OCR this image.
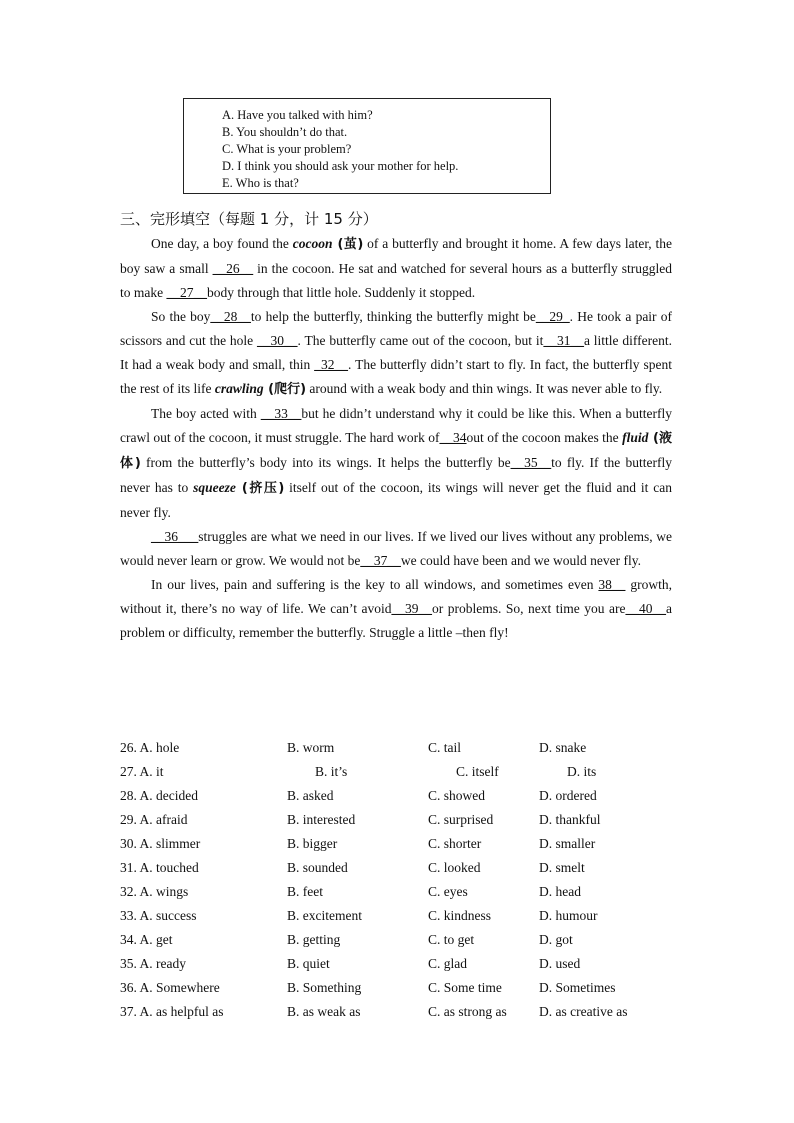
A. Have you talked with him?
B. You shouldn’t do that.
C. What is your problem?
D. I think you should ask your mother for help.
E. Who is that?
三、完形填空（每题 1 分，计 15 分）

One day, a boy found the cocoon (茧) of a butterfly and brought it home. A few days later, the boy saw a small __26__ in the cocoon. He sat and watched for several hours as a butterfly struggled to make __27__body through that little hole. Suddenly it stopped.

So the boy__28__to help the butterfly, thinking the butterfly might be__29_. He took a pair of scissors and cut the hole __30__. The butterfly came out of the cocoon, but it__31__a little different. It had a weak body and small, thin _32__. The butterfly didn’t start to fly. In fact, the butterfly spent the rest of its life crawling (爬行) around with a weak body and thin wings. It was never able to fly.

The boy acted with __33__but he didn’t understand why it could be like this. When a butterfly crawl out of the cocoon, it must struggle. The hard work of__34out of the cocoon makes the fluid (液体) from the butterfly’s body into its wings. It helps the butterfly be__35__to fly. If the butterfly never has to squeeze (挤压) itself out of the cocoon, its wings will never get the fluid and it can never fly.

__36___struggles are what we need in our lives. If we lived our lives without any problems, we would never learn or grow. We would not be__37__we could have been and we would never fly.

In our lives, pain and suffering is the key to all windows, and sometimes even 38__ growth, without it, there’s no way of life. We can’t avoid__39__or problems. So, next time you are__40__a problem or difficulty, remember the butterfly. Struggle a little –then fly!

26. A. hole	B. worm	C. tail	D. snake
27. A. it	B. it’s	C. itself	D. its
28. A. decided	B. asked	C. showed	D. ordered
29. A. afraid	B. interested	C. surprised	D. thankful
30. A. slimmer	B. bigger	C. shorter	D. smaller
31. A. touched	B. sounded	C. looked	D. smelt
32. A. wings	B. feet	C. eyes	D. head
33. A. success	B. excitement	C. kindness	D. humour
34. A. get	B. getting	C. to get	D. got
35. A. ready	B. quiet	C. glad	D. used
36. A. Somewhere	B. Something	C. Some time	D. Sometimes
37. A. as helpful as	B. as weak as	C. as strong as D. as creative as
